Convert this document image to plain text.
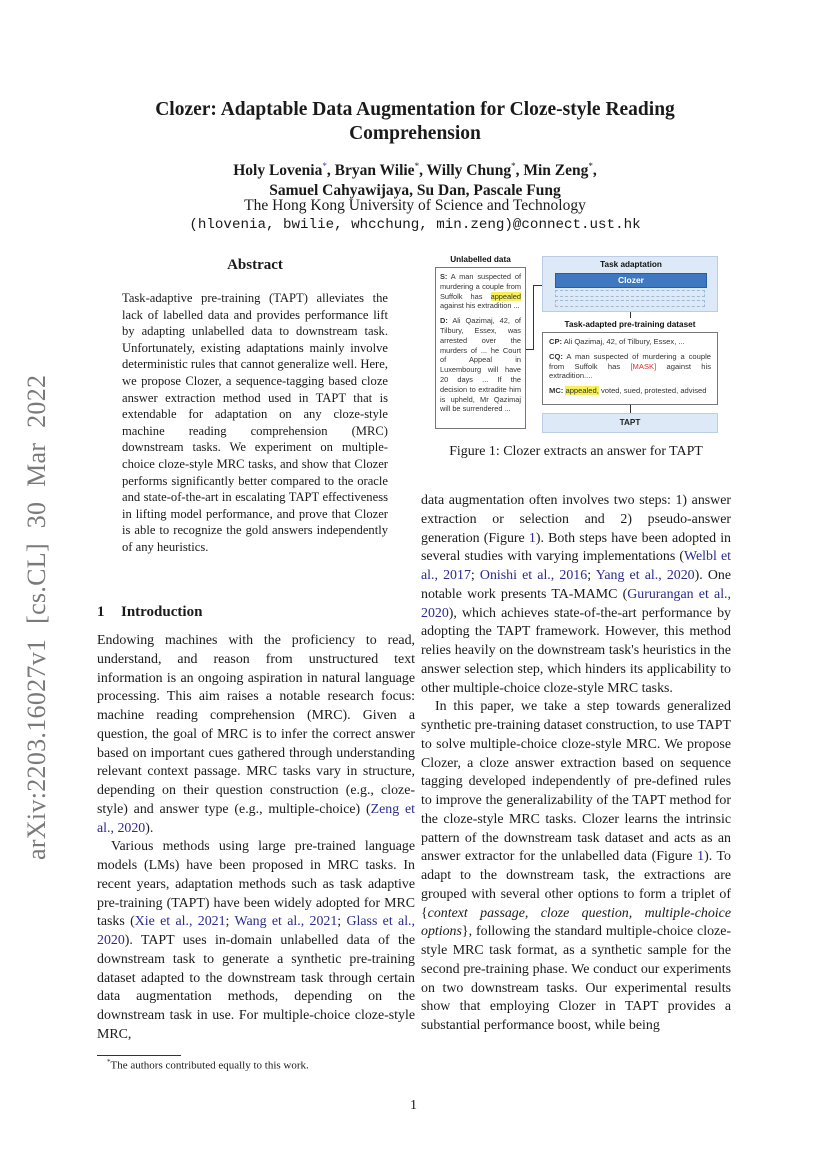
arXiv:2203.16027v1 [cs.CL] 30 Mar 2022
Clozer: Adaptable Data Augmentation for Cloze-style Reading Comprehension
Holy Lovenia*, Bryan Wilie*, Willy Chung*, Min Zeng*,
Samuel Cahyawijaya, Su Dan, Pascale Fung
The Hong Kong University of Science and Technology
(hlovenia, bwilie, whcchung, min.zeng)@connect.ust.hk
Abstract
Task-adaptive pre-training (TAPT) alleviates the lack of labelled data and provides performance lift by adapting unlabelled data to downstream task. Unfortunately, existing adaptations mainly involve deterministic rules that cannot generalize well. Here, we propose Clozer, a sequence-tagging based cloze answer extraction method used in TAPT that is extendable for adaptation on any cloze-style machine reading comprehension (MRC) downstream tasks. We experiment on multiple-choice cloze-style MRC tasks, and show that Clozer performs significantly better compared to the oracle and state-of-the-art in escalating TAPT effectiveness in lifting model performance, and prove that Clozer is able to recognize the gold answers independently of any heuristics.
1 Introduction

Endowing machines with the proficiency to read, understand, and reason from unstructured text information is an ongoing aspiration in natural language processing. This aim raises a notable research focus: machine reading comprehension (MRC). Given a question, the goal of MRC is to infer the correct answer based on important cues gathered through understanding relevant context passage. MRC tasks vary in structure, depending on their question construction (e.g., cloze-style) and answer type (e.g., multiple-choice) (Zeng et al., 2020).

Various methods using large pre-trained language models (LMs) have been proposed in MRC tasks. In recent years, adaptation methods such as task adaptive pre-training (TAPT) have been widely adopted for MRC tasks (Xie et al., 2021; Wang et al., 2021; Glass et al., 2020). TAPT uses in-domain unlabelled data of the downstream task to generate a synthetic pre-training dataset adapted to the downstream task through certain data augmentation methods, depending on the downstream task in use. For multiple-choice cloze-style MRC,

data augmentation often involves two steps: 1) answer extraction or selection and 2) pseudo-answer generation (Figure 1). Both steps have been adopted in several studies with varying implementations (Welbl et al., 2017; Onishi et al., 2016; Yang et al., 2020). One notable work presents TA-MAMC (Gururangan et al., 2020), which achieves state-of-the-art performance by adopting the TAPT framework. However, this method relies heavily on the downstream task's heuristics in the answer selection step, which hinders its applicability to other multiple-choice cloze-style MRC tasks.

In this paper, we take a step towards generalized synthetic pre-training dataset construction, to use TAPT to solve multiple-choice cloze-style MRC. We propose Clozer, a cloze answer extraction based on sequence tagging developed independently of pre-defined rules to improve the generalizability of the TAPT method for the cloze-style MRC tasks. Clozer learns the intrinsic pattern of the downstream task dataset and acts as an answer extractor for the unlabelled data (Figure 1). To adapt to the downstream task, the extractions are grouped with several other options to form a triplet of {context passage, cloze question, multiple-choice options}, following the standard multiple-choice cloze-style MRC task format, as a synthetic sample for the second pre-training phase. We conduct our experiments on two downstream tasks. Our experimental results show that employing Clozer in TAPT provides a substantial performance boost, while being

Unlabelled data

S: A man suspected of murdering a couple from Suffolk has appealed against his extradition ...

D: Ali Qazimaj, 42, of Tilbury, Essex, was arrested over the murders of ... he Court of Appeal in Luxembourg will have 20 days ... If the decision to extradite him is upheld, Mr Qazimaj will be surrendered ...

Task adaptation
Clozer
Task-adapted pre-training dataset

CP: Ali Qazimaj, 42, of Tilbury, Essex, ...

CQ: A man suspected of murdering a couple from Suffolk has [MASK] against his extradition....

MC: appealed, voted, sued, protested, advised

TAPT
Figure 1: Clozer extracts an answer for TAPT
*The authors contributed equally to this work.
1
